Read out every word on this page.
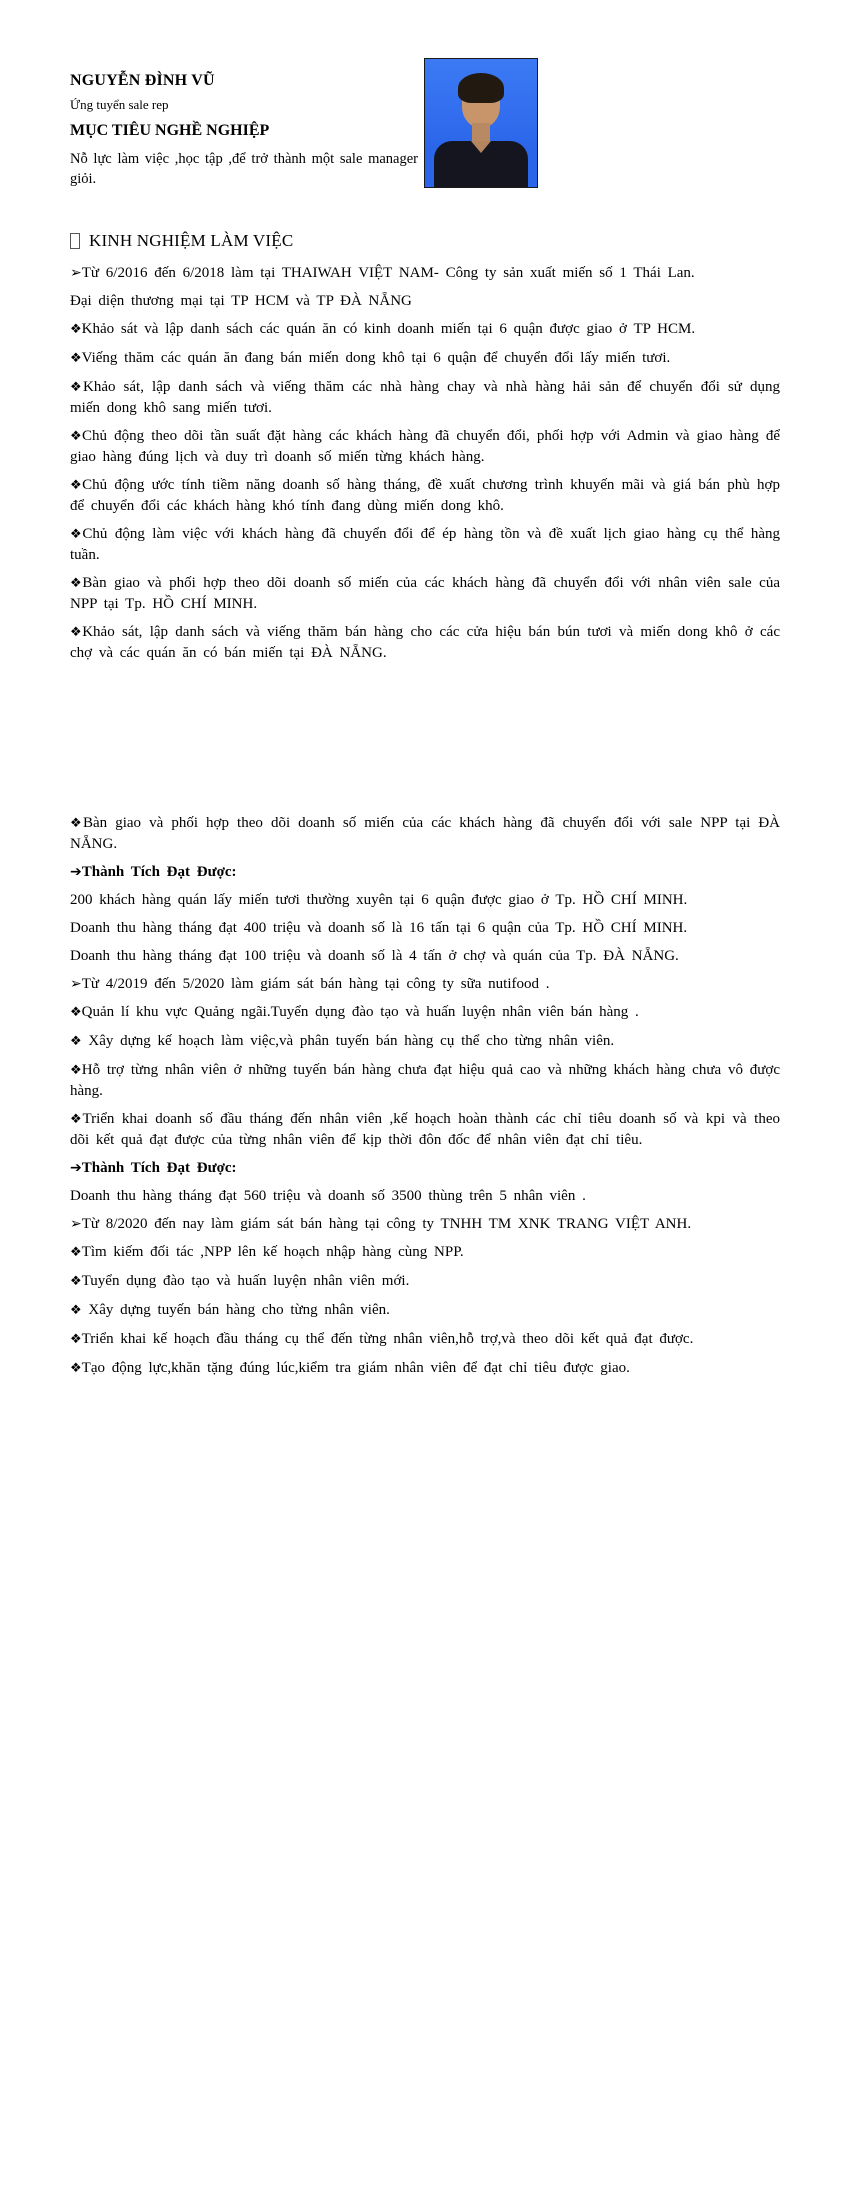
NGUYỄN ĐÌNH VŨ

Ứng tuyển sale rep

MỤC TIÊU NGHỀ NGHIỆP

Nỗ lực làm việc ,học tập ,để trở thành một sale manager giỏi.

KINH NGHIỆM LÀM VIỆC

➢Từ 6/2016 đến 6/2018 làm tại THAIWAH VIỆT NAM- Công ty sản xuất miến số 1 Thái Lan.

Đại diện thương mại tại TP HCM và TP ĐÀ NẴNG

❖Khảo sát và lập danh sách các quán ăn có kinh doanh miến tại 6 quận được giao ở TP HCM.

❖Viếng thăm các quán ăn đang bán miến dong khô tại 6 quận để chuyển đổi lấy miến tươi.

❖Khảo sát, lập danh sách và viếng thăm các nhà hàng chay và nhà hàng hải sản để chuyển đổi sử dụng miến dong khô sang miến tươi.

❖Chủ động theo dõi tần suất đặt hàng các khách hàng đã chuyển đổi, phối hợp với Admin và giao hàng để giao hàng đúng lịch và duy trì doanh số miến từng khách hàng.

❖Chủ động ước tính tiềm năng doanh số hàng tháng, đề xuất chương trình khuyến mãi và giá bán phù hợp để chuyển đổi các khách hàng khó tính đang dùng miến dong khô.

❖Chủ động làm việc với khách hàng đã chuyển đổi để ép hàng tồn và đề xuất lịch giao hàng cụ thể hàng tuần.

❖Bàn giao và phối hợp theo dõi doanh số miến của các khách hàng đã chuyển đổi với nhân viên sale của NPP tại Tp. HỒ CHÍ MINH.

❖Khảo sát, lập danh sách và viếng thăm bán hàng cho các cửa hiệu bán bún tươi và miến dong khô ở các chợ và các quán ăn có bán miến tại ĐÀ NẴNG.

❖Bàn giao và phối hợp theo dõi doanh số miến của các khách hàng đã chuyển đổi với sale NPP tại ĐÀ NẴNG.

➔Thành Tích Đạt Được:

200 khách hàng quán lấy miến tươi thường xuyên tại 6 quận được giao ở Tp. HỒ CHÍ MINH.

Doanh thu hàng tháng đạt 400 triệu và doanh số là 16 tấn tại 6 quận của Tp. HỒ CHÍ MINH.

Doanh thu hàng tháng đạt 100 triệu và doanh số là 4 tấn ở chợ và quán của Tp. ĐÀ NẴNG.

➢Từ 4/2019 đến 5/2020 làm giám sát bán hàng tại công ty sữa nutifood .

❖Quản lí khu vực Quảng ngãi.Tuyển dụng đào tạo và huấn luyện nhân viên bán hàng .

❖ Xây dựng kế hoạch làm việc,và phân tuyến bán hàng cụ thể cho từng nhân viên.

❖Hỗ trợ từng nhân viên ở những tuyến bán hàng chưa đạt hiệu quả cao và những khách hàng chưa vô được hàng.

❖Triển khai doanh số đầu tháng đến nhân viên ,kế hoạch hoàn thành các chỉ tiêu doanh số và kpi và theo dõi kết quả đạt được của từng nhân viên để kịp thời đôn đốc để nhân viên đạt chỉ tiêu.

➔Thành Tích Đạt Được:

Doanh thu hàng tháng đạt 560 triệu và doanh số 3500 thùng trên 5 nhân viên .

➢Từ 8/2020 đến nay làm giám sát bán hàng tại công ty TNHH TM XNK TRANG VIỆT ANH.

❖Tìm kiếm đối tác ,NPP lên kế hoạch nhập hàng cùng NPP.

❖Tuyển dụng đào tạo và huấn luyện nhân viên mới.

❖ Xây dựng tuyến bán hàng cho từng nhân viên.

❖Triển khai kế hoạch đầu tháng cụ thể đến từng nhân viên,hỗ trợ,và theo dõi kết quả đạt được.

❖Tạo động lực,khăn tặng đúng lúc,kiểm tra giám nhân viên để đạt chỉ tiêu được giao.
